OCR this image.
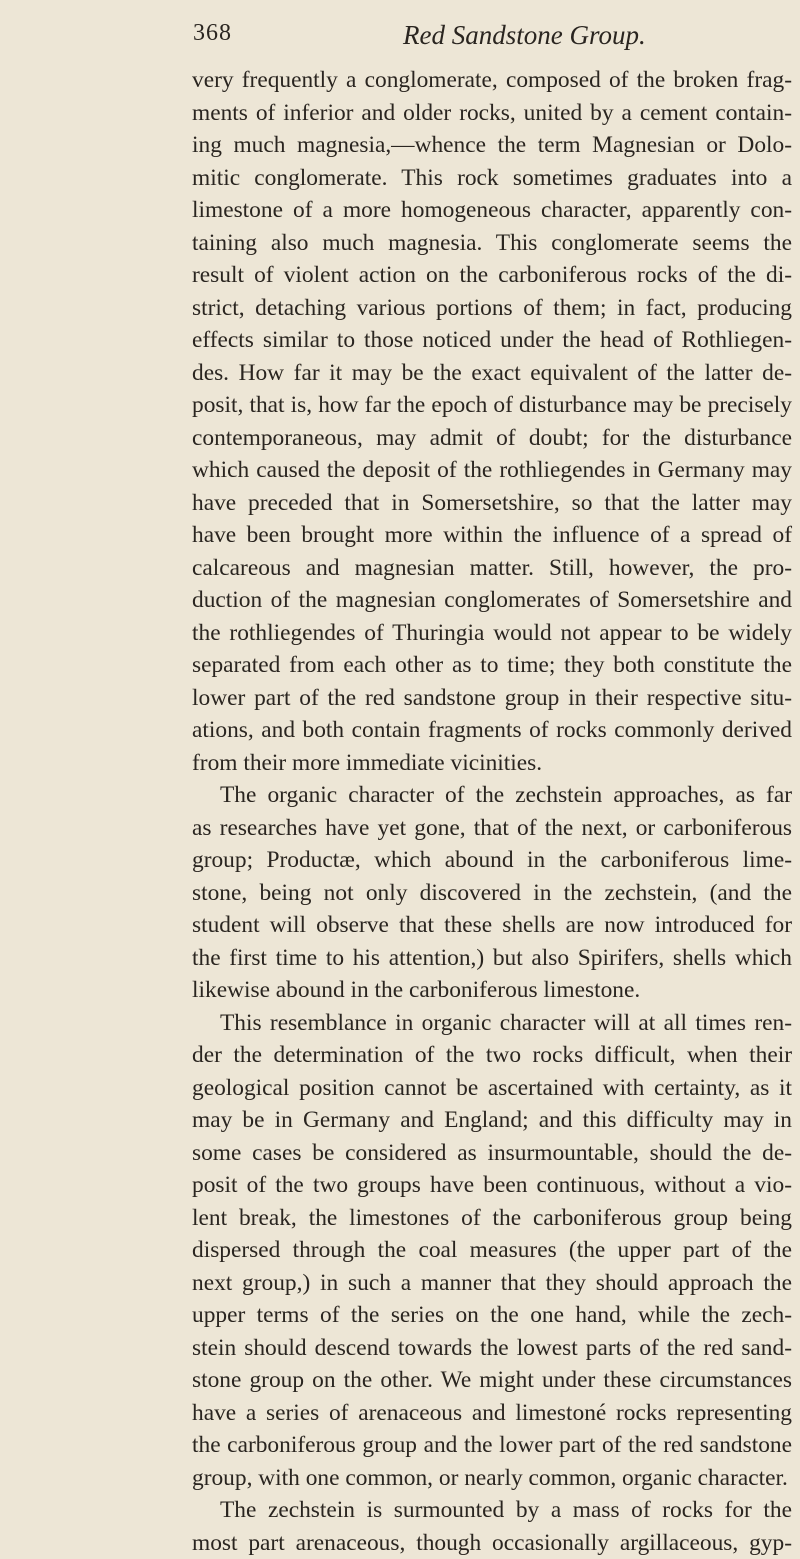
368	Red Sandstone Group.
very frequently a conglomerate, composed of the broken frag-
ments of inferior and older rocks, united by a cement contain-
ing much magnesia,—whence the term Magnesian or Dolo-
mitic conglomerate. This rock sometimes graduates into a
limestone of a more homogeneous character, apparently con-
taining also much magnesia. This conglomerate seems the
result of violent action on the carboniferous rocks of the di-
strict, detaching various portions of them; in fact, producing
effects similar to those noticed under the head of Rothliegen-
des. How far it may be the exact equivalent of the latter de-
posit, that is, how far the epoch of disturbance may be precisely
contemporaneous, may admit of doubt; for the disturbance
which caused the deposit of the rothliegendes in Germany may
have preceded that in Somersetshire, so that the latter may
have been brought more within the influence of a spread of
calcareous and magnesian matter. Still, however, the pro-
duction of the magnesian conglomerates of Somersetshire and
the rothliegendes of Thuringia would not appear to be widely
separated from each other as to time; they both constitute the
lower part of the red sandstone group in their respective situ-
ations, and both contain fragments of rocks commonly derived
from their more immediate vicinities.
The organic character of the zechstein approaches, as far
as researches have yet gone, that of the next, or carboniferous
group; Productæ, which abound in the carboniferous lime-
stone, being not only discovered in the zechstein, (and the
student will observe that these shells are now introduced for
the first time to his attention,) but also Spirifers, shells which
likewise abound in the carboniferous limestone.
This resemblance in organic character will at all times ren-
der the determination of the two rocks difficult, when their
geological position cannot be ascertained with certainty, as it
may be in Germany and England; and this difficulty may in
some cases be considered as insurmountable, should the de-
posit of the two groups have been continuous, without a vio-
lent break, the limestones of the carboniferous group being
dispersed through the coal measures (the upper part of the
next group,) in such a manner that they should approach the
upper terms of the series on the one hand, while the zech-
stein should descend towards the lowest parts of the red sand-
stone group on the other. We might under these circumstances
have a series of arenaceous and limestoné rocks representing
the carboniferous group and the lower part of the red sandstone
group, with one common, or nearly common, organic character.
The zechstein is surmounted by a mass of rocks for the
most part arenaceous, though occasionally argillaceous, gyp-
